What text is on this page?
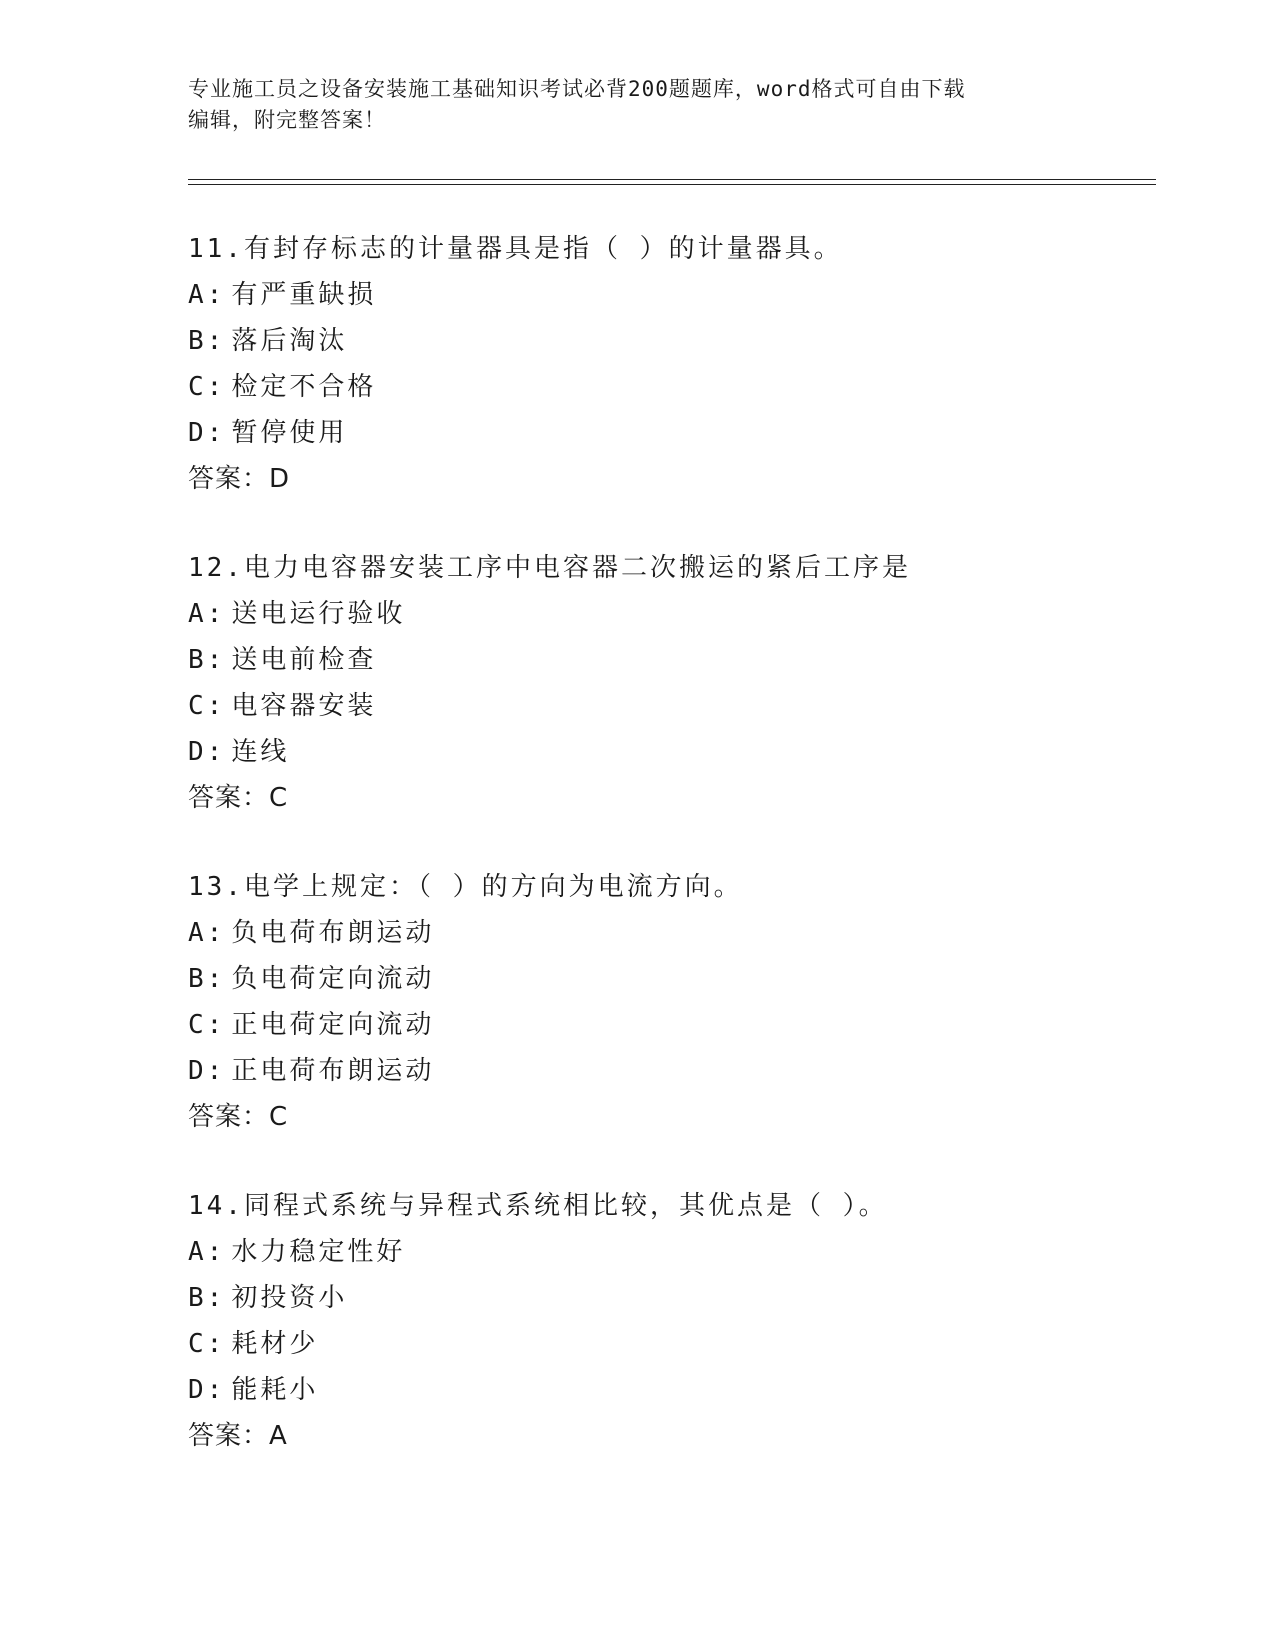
专业施工员之设备安装施工基础知识考试必背200题题库，word格式可自由下载
编辑，附完整答案！
11.有封存标志的计量器具是指（ ）的计量器具。
A: 有严重缺损
B: 落后淘汰
C: 检定不合格
D: 暂停使用
答案：D
12.电力电容器安装工序中电容器二次搬运的紧后工序是
A: 送电运行验收
B: 送电前检查
C: 电容器安装
D: 连线
答案：C
13.电学上规定：（ ）的方向为电流方向。
A: 负电荷布朗运动
B: 负电荷定向流动
C: 正电荷定向流动
D: 正电荷布朗运动
答案：C
14.同程式系统与异程式系统相比较，其优点是（ ）。
A: 水力稳定性好
B: 初投资小
C: 耗材少
D: 能耗小
答案：A
